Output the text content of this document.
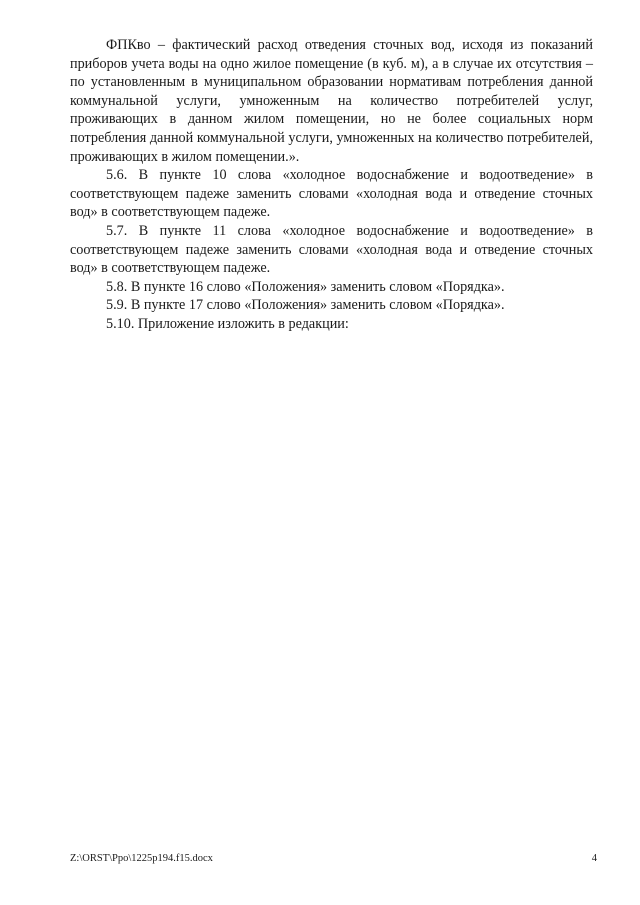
ФПКво – фактический расход отведения сточных вод, исходя из показаний приборов учета воды на одно жилое помещение (в куб. м), а в случае их отсутствия – по установленным в муниципальном образовании нормативам потребления данной коммунальной услуги, умноженным на количество потребителей услуг, проживающих в данном жилом помещении, но не более социальных норм потребления данной коммунальной услуги, умноженных на количество потребителей, проживающих в жилом помещении.».

5.6. В пункте 10 слова «холодное водоснабжение и водоотведение» в соответствующем падеже заменить словами «холодная вода и отведение сточных вод» в соответствующем падеже.

5.7. В пункте 11 слова «холодное водоснабжение и водоотведение» в соответствующем падеже заменить словами «холодная вода и отведение сточных вод» в соответствующем падеже.

5.8. В пункте 16 слово «Положения» заменить словом «Порядка».

5.9. В пункте 17 слово «Положения» заменить словом «Порядка».

5.10. Приложение изложить в редакции:

Z:\ORST\Ppo\1225p194.f15.docx	4
